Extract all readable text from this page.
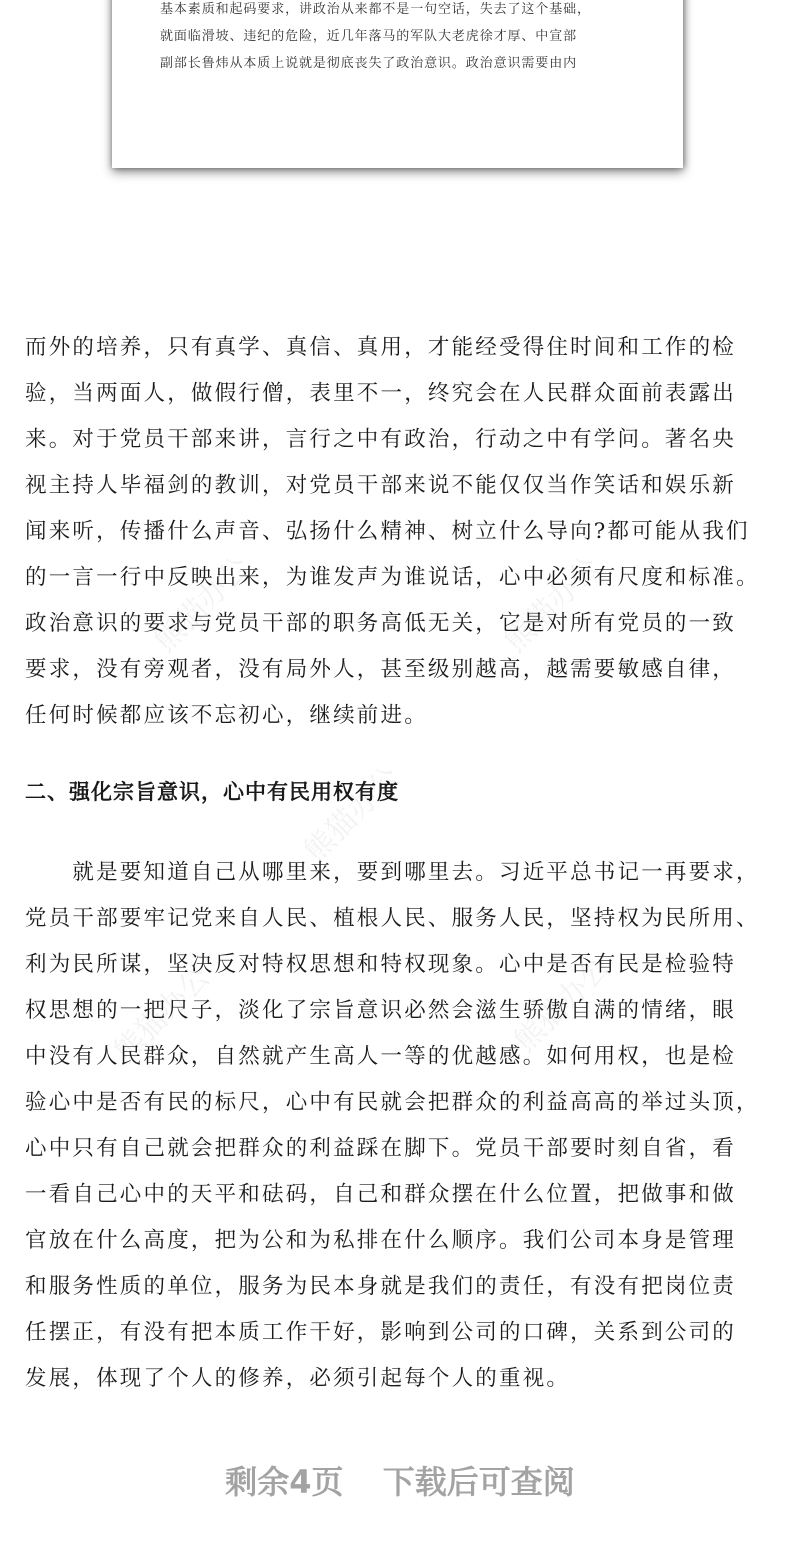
基本素质和起码要求，讲政治从来都不是一句空话，失去了这个基础，
就面临滑坡、违纪的危险，近几年落马的军队大老虎徐才厚、中宣部
副部长鲁炜从本质上说就是彻底丧失了政治意识。政治意识需要由内
熊猫办公	熊猫办公
熊猫办公
熊猫办公	熊猫办公
而外的培养，只有真学、真信、真用，才能经受得住时间和工作的检
验，当两面人，做假行僧，表里不一，终究会在人民群众面前表露出
来。对于党员干部来讲，言行之中有政治，行动之中有学问。著名央
视主持人毕福剑的教训，对党员干部来说不能仅仅当作笑话和娱乐新
闻来听，传播什么声音、弘扬什么精神、树立什么导向?都可能从我们
的一言一行中反映出来，为谁发声为谁说话，心中必须有尺度和标准。
政治意识的要求与党员干部的职务高低无关，它是对所有党员的一致
要求，没有旁观者，没有局外人，甚至级别越高，越需要敏感自律，
任何时候都应该不忘初心，继续前进。
二、强化宗旨意识，心中有民用权有度
　　就是要知道自己从哪里来，要到哪里去。习近平总书记一再要求，
党员干部要牢记党来自人民、植根人民、服务人民，坚持权为民所用、
利为民所谋，坚决反对特权思想和特权现象。心中是否有民是检验特
权思想的一把尺子，淡化了宗旨意识必然会滋生骄傲自满的情绪，眼
中没有人民群众，自然就产生高人一等的优越感。如何用权，也是检
验心中是否有民的标尺，心中有民就会把群众的利益高高的举过头顶，
心中只有自己就会把群众的利益踩在脚下。党员干部要时刻自省，看
一看自己心中的天平和砝码，自己和群众摆在什么位置，把做事和做
官放在什么高度，把为公和为私排在什么顺序。我们公司本身是管理
和服务性质的单位，服务为民本身就是我们的责任，有没有把岗位责
任摆正，有没有把本质工作干好，影响到公司的口碑，关系到公司的
发展，体现了个人的修养，必须引起每个人的重视。
剩余4页 下载后可查阅
